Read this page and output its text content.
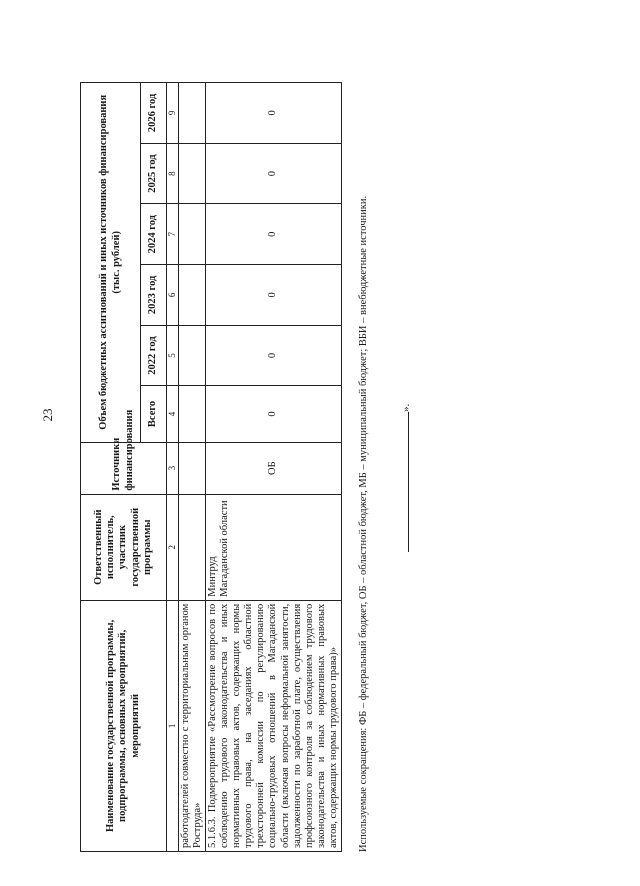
23
Наименование государственной программы, подпрограммы, основных мероприятий, мероприятий	Ответственный исполнитель, участник государственной программы	Источники финансирования	Объем бюджетных ассигнований и иных источников финансирования (тыс. рублей)					
			Всего	2022 год	2023 год	2024 год	2025 год	2026 год
1	2	3	4	5	6	7	8	9
работодателей совместно с территориальным органом Роструда»								
5.1.6.3. Подмероприятие «Рассмотрение вопросов по соблюдению трудового законодательства и иных нормативных правовых актов, содержащих нормы трудового права, на заседаниях областной трехсторонней комиссии по регулированию социально-трудовых отношений в Магаданской области (включая вопросы неформальной занятости, задолженности по заработной плате, осуществления профсоюзного контроля за соблюдением трудового законодательства и иных нормативных правовых актов, содержащих нормы трудового права)»	Минтруд Магаданской области	ОБ	0	0	0	0	0	0
Используемые сокращения: ФБ – федеральный бюджет, ОБ – областной бюджет, МБ – муниципальный бюджет; ВБИ – внебюджетные источники.	».
